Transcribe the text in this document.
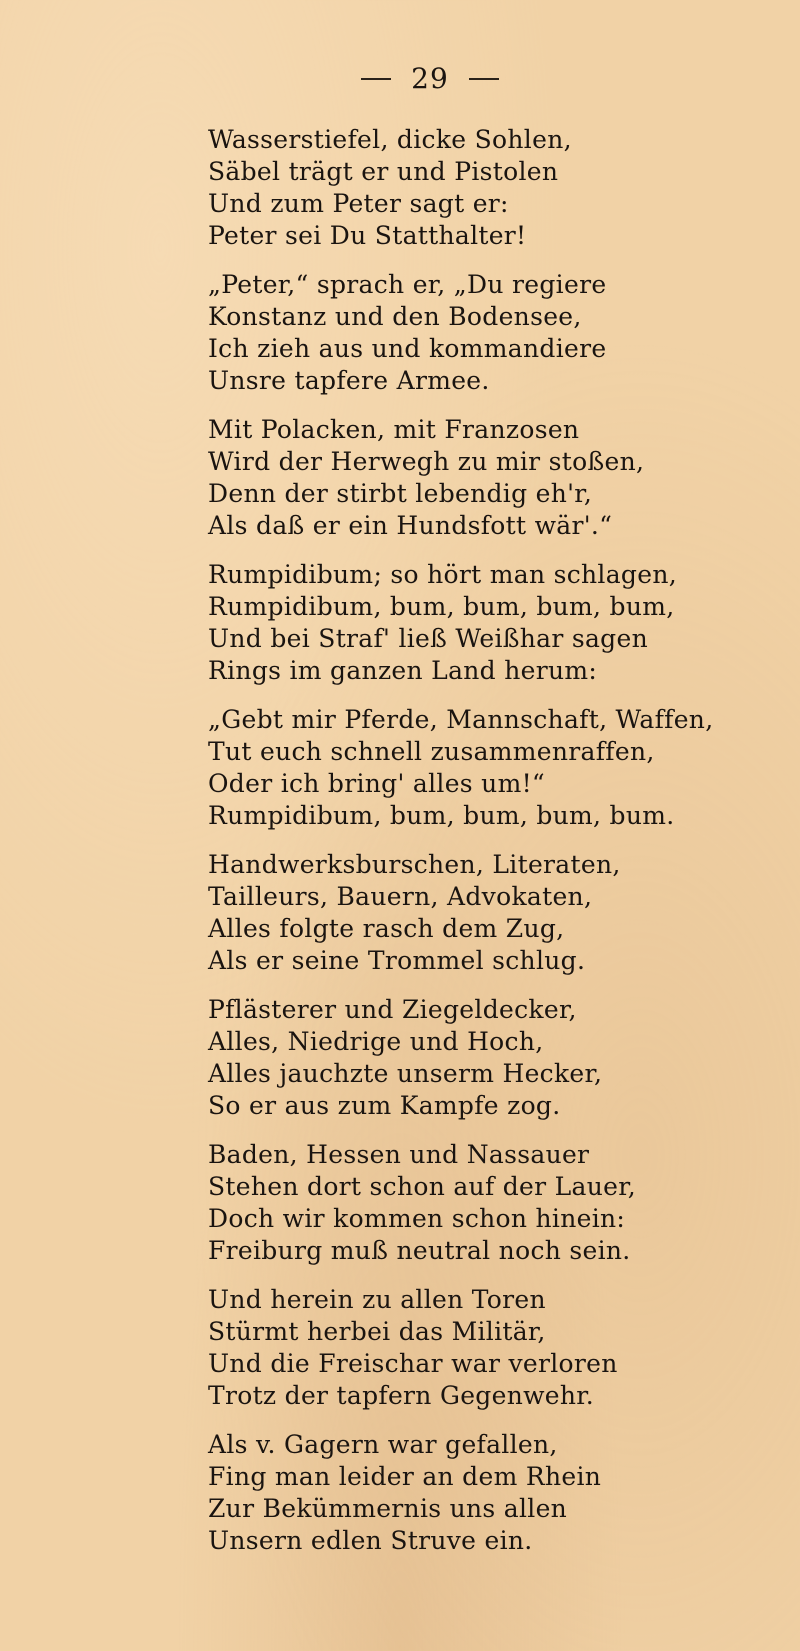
29
Wasserstiefel, dicke Sohlen,
Säbel trägt er und Pistolen
Und zum Peter sagt er:
Peter sei Du Statthalter!
„Peter,“ sprach er, „Du regiere
Konstanz und den Bodensee,
Ich zieh aus und kommandiere
Unsre tapfere Armee.
Mit Polacken, mit Franzosen
Wird der Herwegh zu mir stoßen,
Denn der stirbt lebendig eh'r,
Als daß er ein Hundsfott wär'.“
Rumpidibum; so hört man schlagen,
Rumpidibum, bum, bum, bum, bum,
Und bei Straf' ließ Weißhar sagen
Rings im ganzen Land herum:
„Gebt mir Pferde, Mannschaft, Waffen,
Tut euch schnell zusammenraffen,
Oder ich bring' alles um!“
Rumpidibum, bum, bum, bum, bum.
Handwerksburschen, Literaten,
Tailleurs, Bauern, Advokaten,
Alles folgte rasch dem Zug,
Als er seine Trommel schlug.
Pflästerer und Ziegeldecker,
Alles, Niedrige und Hoch,
Alles jauchzte unserm Hecker,
So er aus zum Kampfe zog.
Baden, Hessen und Nassauer
Stehen dort schon auf der Lauer,
Doch wir kommen schon hinein:
Freiburg muß neutral noch sein.
Und herein zu allen Toren
Stürmt herbei das Militär,
Und die Freischar war verloren
Trotz der tapfern Gegenwehr.
Als v. Gagern war gefallen,
Fing man leider an dem Rhein
Zur Bekümmernis uns allen
Unsern edlen Struve ein.
